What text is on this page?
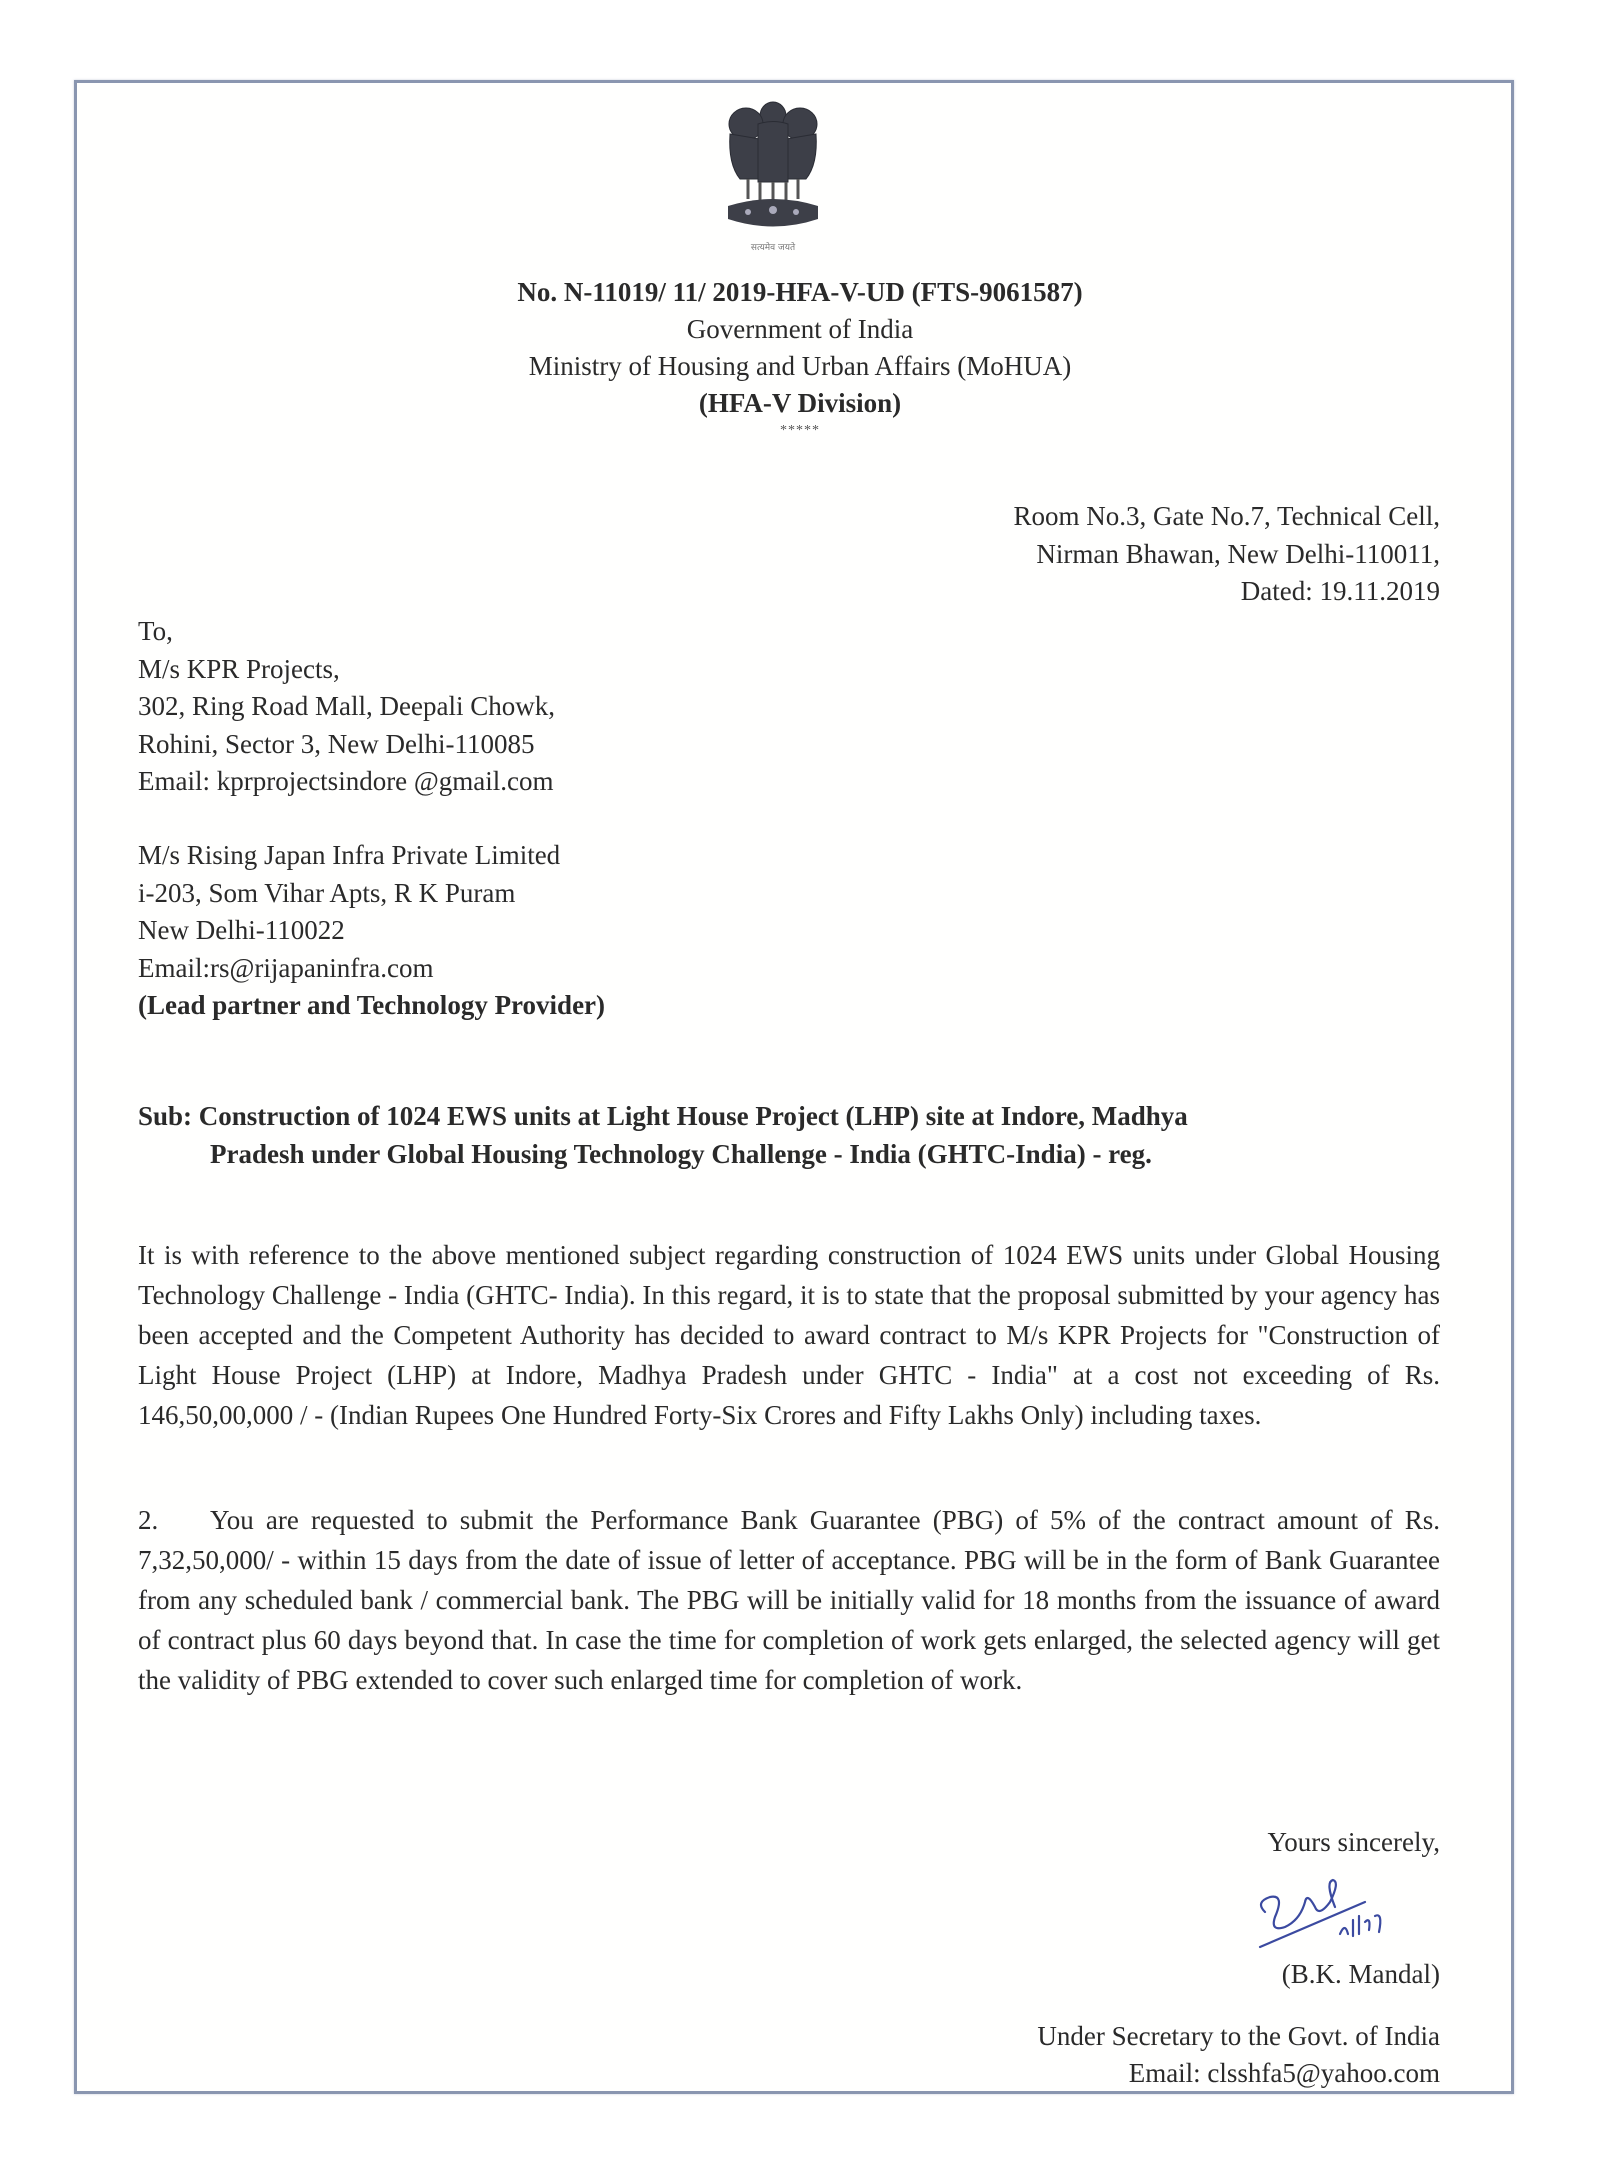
सत्यमेव जयते
No. N-11019/ 11/ 2019-HFA-V-UD (FTS-9061587)
Government of India
Ministry of Housing and Urban Affairs (MoHUA)
(HFA-V Division)
*****
Room No.3, Gate No.7, Technical Cell,
Nirman Bhawan, New Delhi-110011,
Dated: 19.11.2019
To,
M/s KPR Projects,
302, Ring Road Mall, Deepali Chowk,
Rohini, Sector 3, New Delhi-110085
Email: kprprojectsindore @gmail.com
M/s Rising Japan Infra Private Limited
i-203, Som Vihar Apts, R K Puram
New Delhi-110022
Email:rs@rijapaninfra.com
(Lead partner and Technology Provider)
Sub: Construction of 1024 EWS units at Light House Project (LHP) site at Indore, Madhya
Pradesh under Global Housing Technology Challenge - India (GHTC-India) - reg.
It is with reference to the above mentioned subject regarding construction of 1024 EWS units under Global Housing Technology Challenge - India (GHTC- India). In this regard, it is to state that the proposal submitted by your agency has been accepted and the Competent Authority has decided to award contract to M/s KPR Projects for "Construction of Light House Project (LHP) at Indore, Madhya Pradesh under GHTC - India" at a cost not exceeding of Rs. 146,50,00,000 / - (Indian Rupees One Hundred Forty-Six Crores and Fifty Lakhs Only) including taxes.
2. You are requested to submit the Performance Bank Guarantee (PBG) of 5% of the contract amount of Rs. 7,32,50,000/ - within 15 days from the date of issue of letter of acceptance. PBG will be in the form of Bank Guarantee from any scheduled bank / commercial bank. The PBG will be initially valid for 18 months from the issuance of award of contract plus 60 days beyond that. In case the time for completion of work gets enlarged, the selected agency will get the validity of PBG extended to cover such enlarged time for completion of work.
Yours sincerely,
(B.K. Mandal)
Under Secretary to the Govt. of India
Email: clsshfa5@yahoo.com
